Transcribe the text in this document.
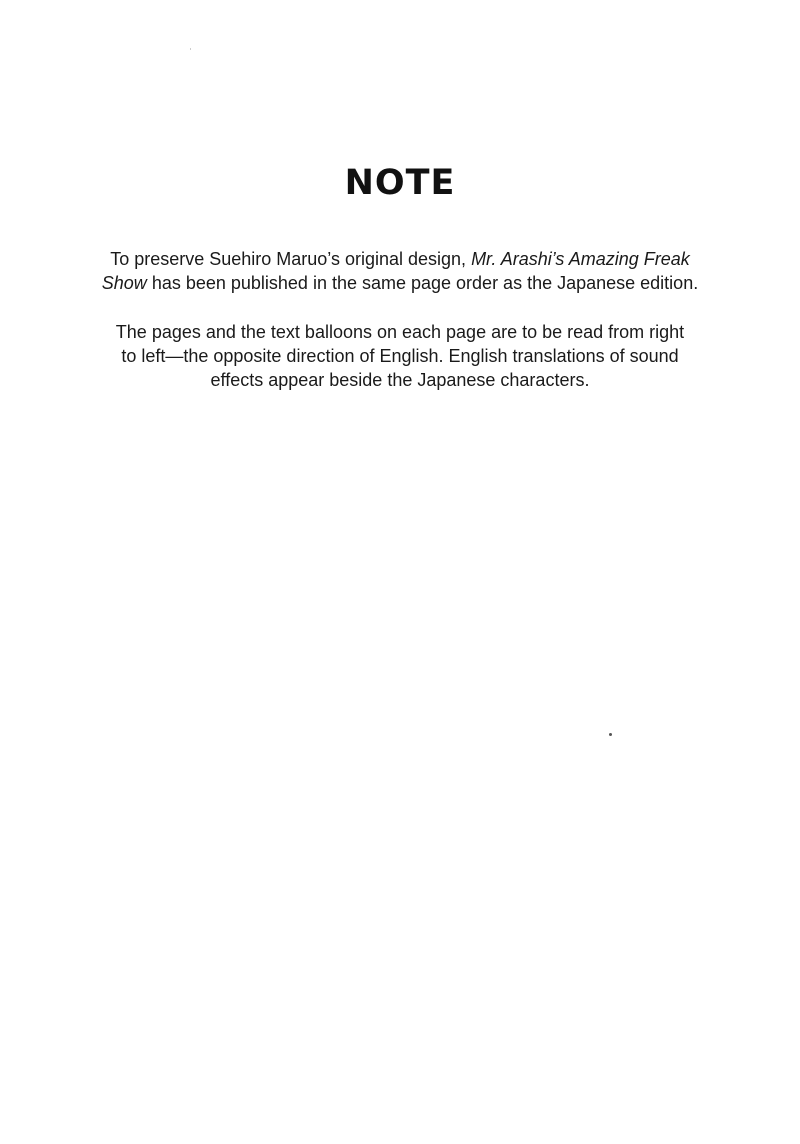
NOTE
To preserve Suehiro Maruo’s original design, Mr. Arashi’s Amazing Freak
Show has been published in the same page order as the Japanese edition.
The pages and the text balloons on each page are to be read from right
to left—the opposite direction of English. English translations of sound
effects appear beside the Japanese characters.
